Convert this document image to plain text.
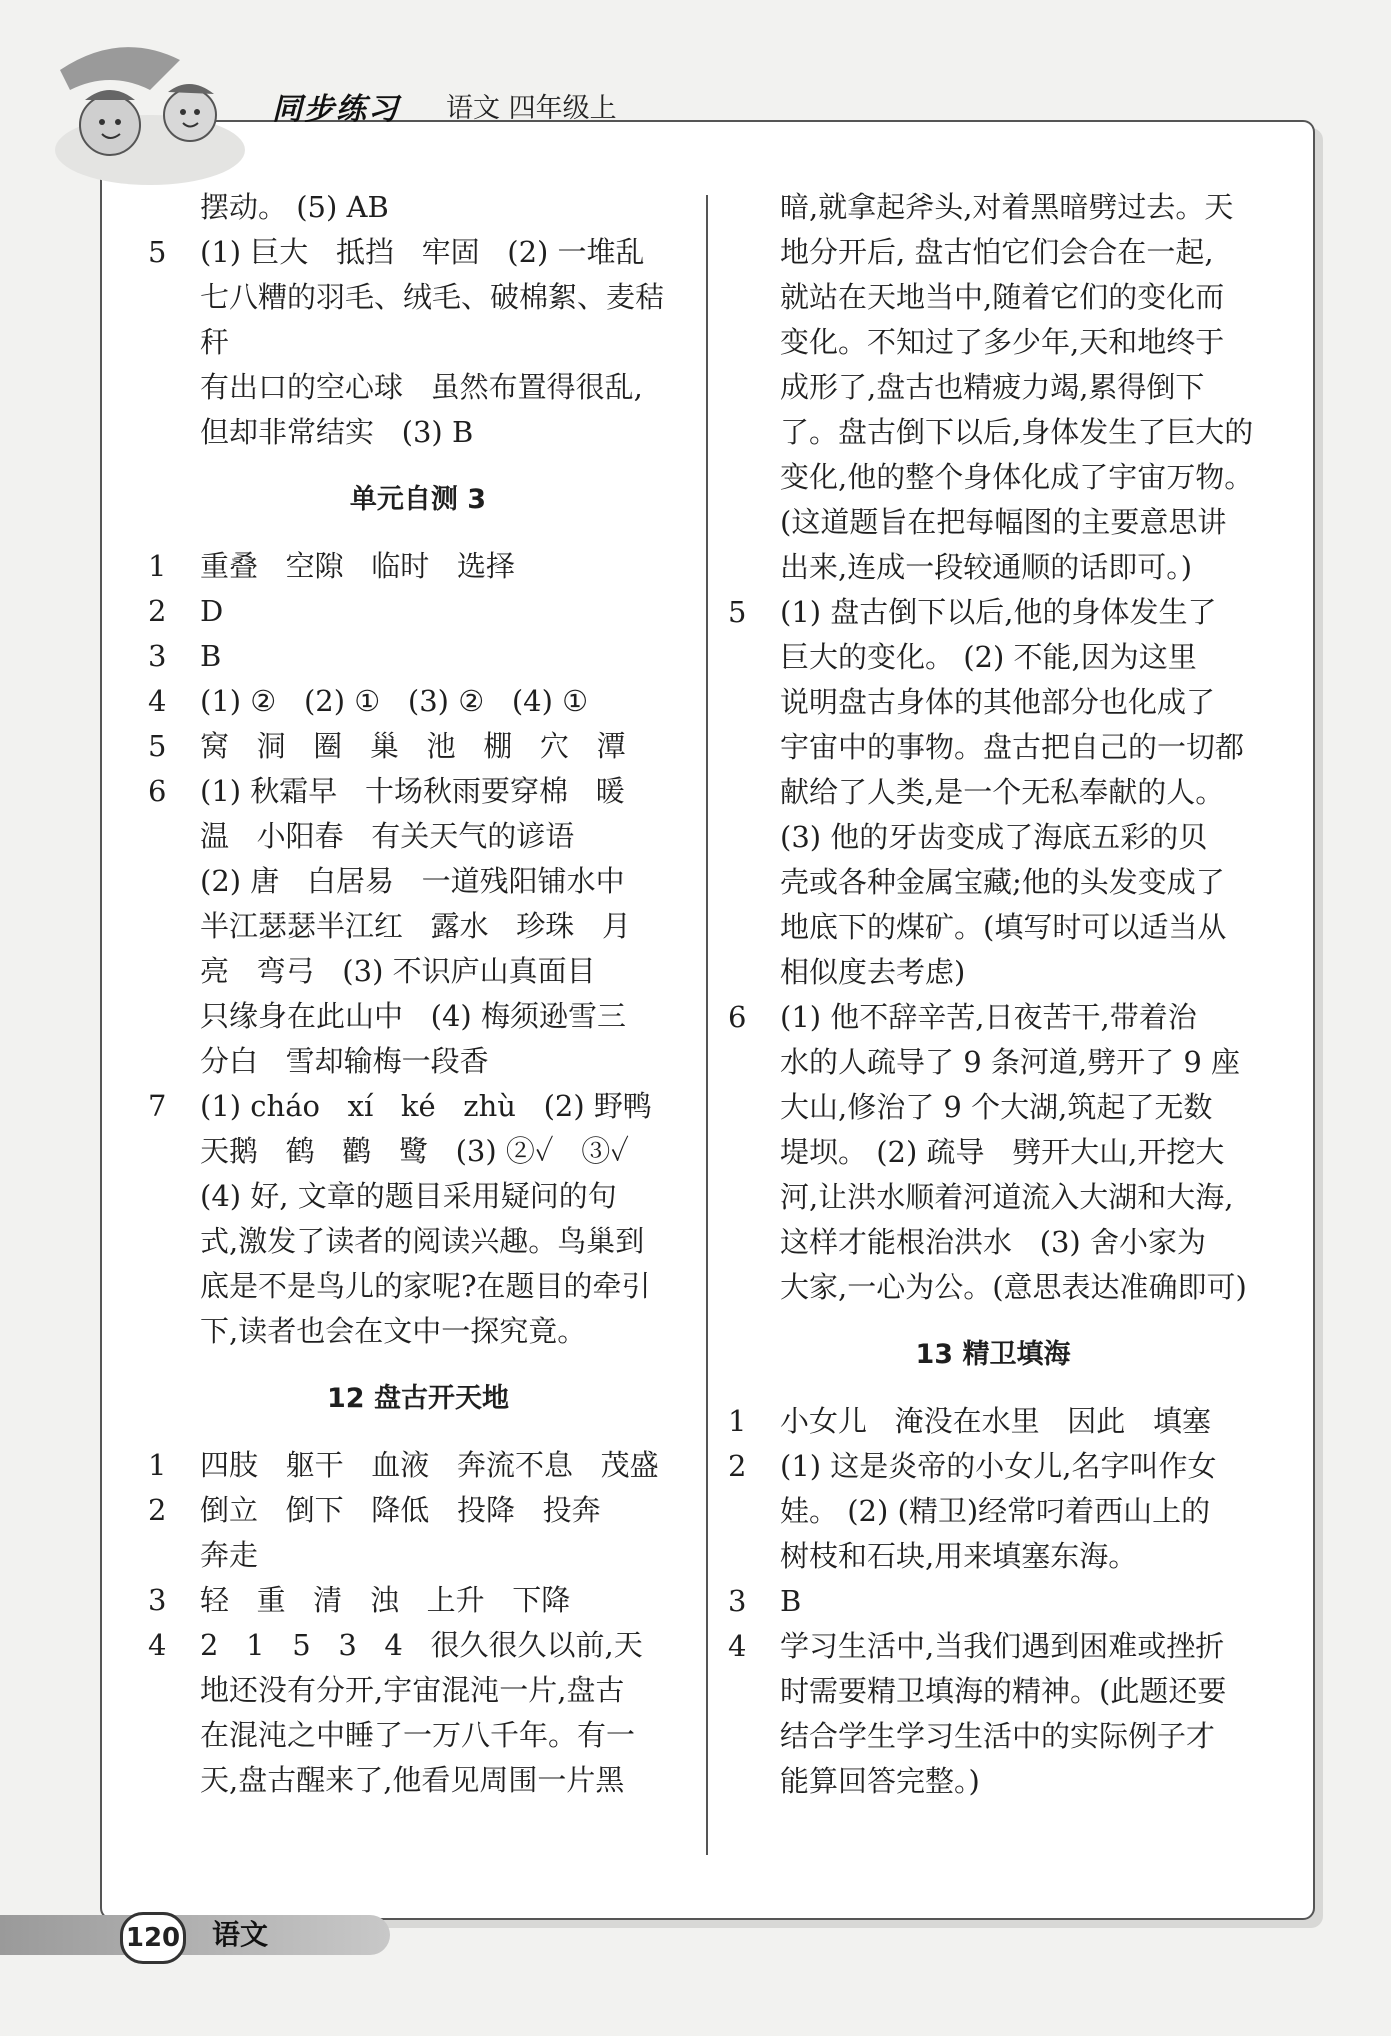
同步练习 语文 四年级上
摆动。 (5) AB
5	(1) 巨大   抵挡   牢固   (2) 一堆乱
七八糟的羽毛、绒毛、破棉絮、麦秸秆
有出口的空心球   虽然布置得很乱,
但却非常结实   (3) B
单元自测 3
1	重叠   空隙   临时   选择
2	D
3	B
4	(1) ②   (2) ①   (3) ②   (4) ①
5	窝   洞   圈   巢   池   棚   穴   潭
6	(1) 秋霜早   十场秋雨要穿棉   暖
温   小阳春   有关天气的谚语
(2) 唐   白居易   一道残阳铺水中
半江瑟瑟半江红   露水   珍珠   月
亮   弯弓   (3) 不识庐山真面目
只缘身在此山中   (4) 梅须逊雪三
分白   雪却输梅一段香
7	(1) cháo   xí   ké   zhù   (2) 野鸭
天鹅   鹤   鹳   鹭   (3) ②✓   ③✓
(4) 好, 文章的题目采用疑问的句
式,激发了读者的阅读兴趣。鸟巢到
底是不是鸟儿的家呢?在题目的牵引
下,读者也会在文中一探究竟。
12 盘古开天地
1	四肢   躯干   血液   奔流不息   茂盛
2	倒立   倒下   降低   投降   投奔
奔走
3	轻   重   清   浊   上升   下降
4	2   1   5   3   4   很久很久以前,天
地还没有分开,宇宙混沌一片,盘古
在混沌之中睡了一万八千年。有一
天,盘古醒来了,他看见周围一片黑
暗,就拿起斧头,对着黑暗劈过去。天
地分开后, 盘古怕它们会合在一起,
就站在天地当中,随着它们的变化而
变化。不知过了多少年,天和地终于
成形了,盘古也精疲力竭,累得倒下
了。盘古倒下以后,身体发生了巨大的
变化,他的整个身体化成了宇宙万物。
(这道题旨在把每幅图的主要意思讲
出来,连成一段较通顺的话即可。)
5	(1) 盘古倒下以后,他的身体发生了
巨大的变化。 (2) 不能,因为这里
说明盘古身体的其他部分也化成了
宇宙中的事物。盘古把自己的一切都
献给了人类,是一个无私奉献的人。
(3) 他的牙齿变成了海底五彩的贝
壳或各种金属宝藏;他的头发变成了
地底下的煤矿。(填写时可以适当从
相似度去考虑)
6	(1) 他不辞辛苦,日夜苦干,带着治
水的人疏导了 9 条河道,劈开了 9 座
大山,修治了 9 个大湖,筑起了无数
堤坝。 (2) 疏导   劈开大山,开挖大
河,让洪水顺着河道流入大湖和大海,
这样才能根治洪水   (3) 舍小家为
大家,一心为公。(意思表达准确即可)
13 精卫填海
1	小女儿   淹没在水里   因此   填塞
2	(1) 这是炎帝的小女儿,名字叫作女
娃。 (2) (精卫)经常叼着西山上的
树枝和石块,用来填塞东海。
3	B
4	学习生活中,当我们遇到困难或挫折
时需要精卫填海的精神。(此题还要
结合学生学习生活中的实际例子才
能算回答完整。)
120 语文
